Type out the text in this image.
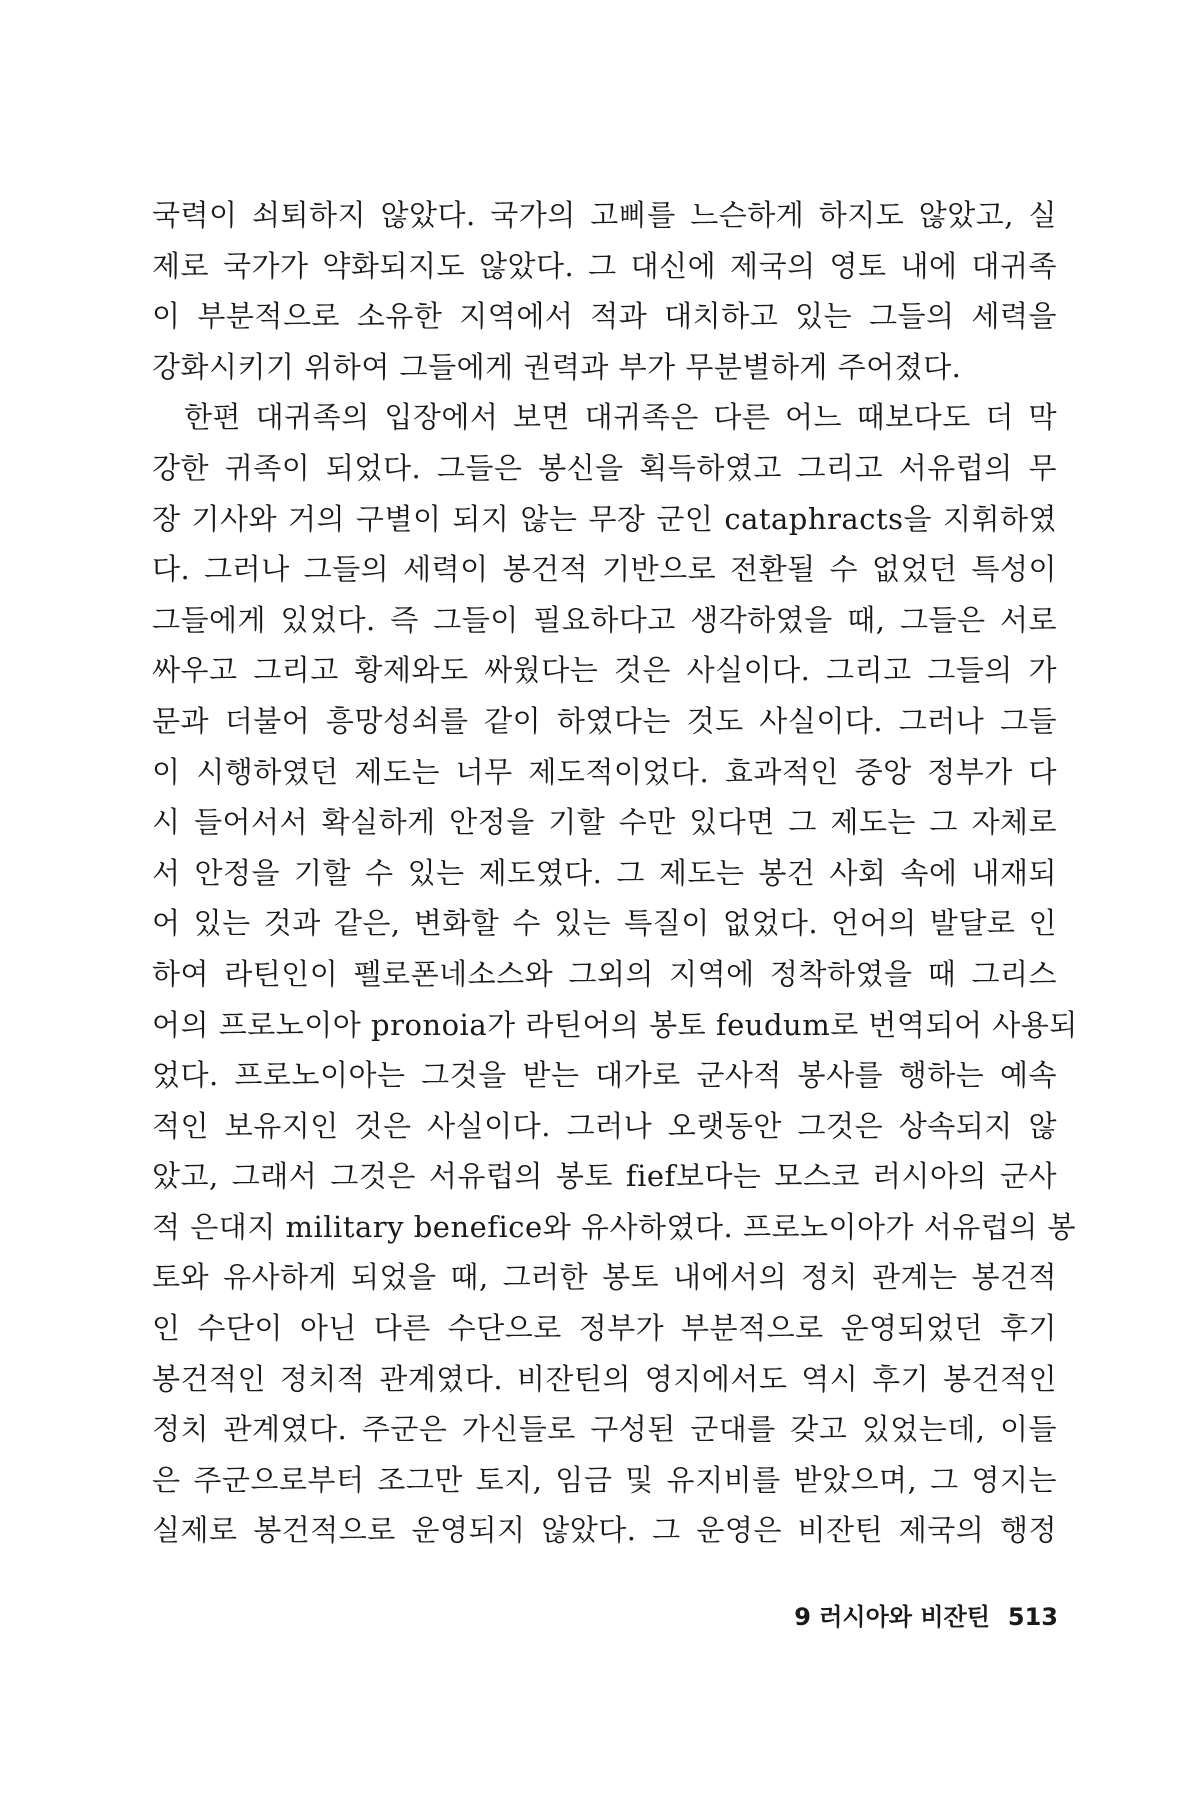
국력이 쇠퇴하지 않았다. 국가의 고삐를 느슨하게 하지도 않았고, 실
제로 국가가 약화되지도 않았다. 그 대신에 제국의 영토 내에 대귀족
이 부분적으로 소유한 지역에서 적과 대치하고 있는 그들의 세력을
강화시키기 위하여 그들에게 권력과 부가 무분별하게 주어졌다.
한편 대귀족의 입장에서 보면 대귀족은 다른 어느 때보다도 더 막
강한 귀족이 되었다. 그들은 봉신을 획득하였고 그리고 서유럽의 무
장 기사와 거의 구별이 되지 않는 무장 군인 cataphracts을 지휘하였
다. 그러나 그들의 세력이 봉건적 기반으로 전환될 수 없었던 특성이
그들에게 있었다. 즉 그들이 필요하다고 생각하였을 때, 그들은 서로
싸우고 그리고 황제와도 싸웠다는 것은 사실이다. 그리고 그들의 가
문과 더불어 흥망성쇠를 같이 하였다는 것도 사실이다. 그러나 그들
이 시행하였던 제도는 너무 제도적이었다. 효과적인 중앙 정부가 다
시 들어서서 확실하게 안정을 기할 수만 있다면 그 제도는 그 자체로
서 안정을 기할 수 있는 제도였다. 그 제도는 봉건 사회 속에 내재되
어 있는 것과 같은, 변화할 수 있는 특질이 없었다. 언어의 발달로 인
하여 라틴인이 펠로폰네소스와 그외의 지역에 정착하였을 때 그리스
어의 프로노이아 pronoia가 라틴어의 봉토 feudum로 번역되어 사용되
었다. 프로노이아는 그것을 받는 대가로 군사적 봉사를 행하는 예속
적인 보유지인 것은 사실이다. 그러나 오랫동안 그것은 상속되지 않
았고, 그래서 그것은 서유럽의 봉토 fief보다는 모스코 러시아의 군사
적 은대지 military benefice와 유사하였다. 프로노이아가 서유럽의 봉
토와 유사하게 되었을 때, 그러한 봉토 내에서의 정치 관계는 봉건적
인 수단이 아닌 다른 수단으로 정부가 부분적으로 운영되었던 후기
봉건적인 정치적 관계였다. 비잔틴의 영지에서도 역시 후기 봉건적인
정치 관계였다. 주군은 가신들로 구성된 군대를 갖고 있었는데, 이들
은 주군으로부터 조그만 토지, 임금 및 유지비를 받았으며, 그 영지는
실제로 봉건적으로 운영되지 않았다. 그 운영은 비잔틴 제국의 행정
9 러시아와 비잔틴 513
